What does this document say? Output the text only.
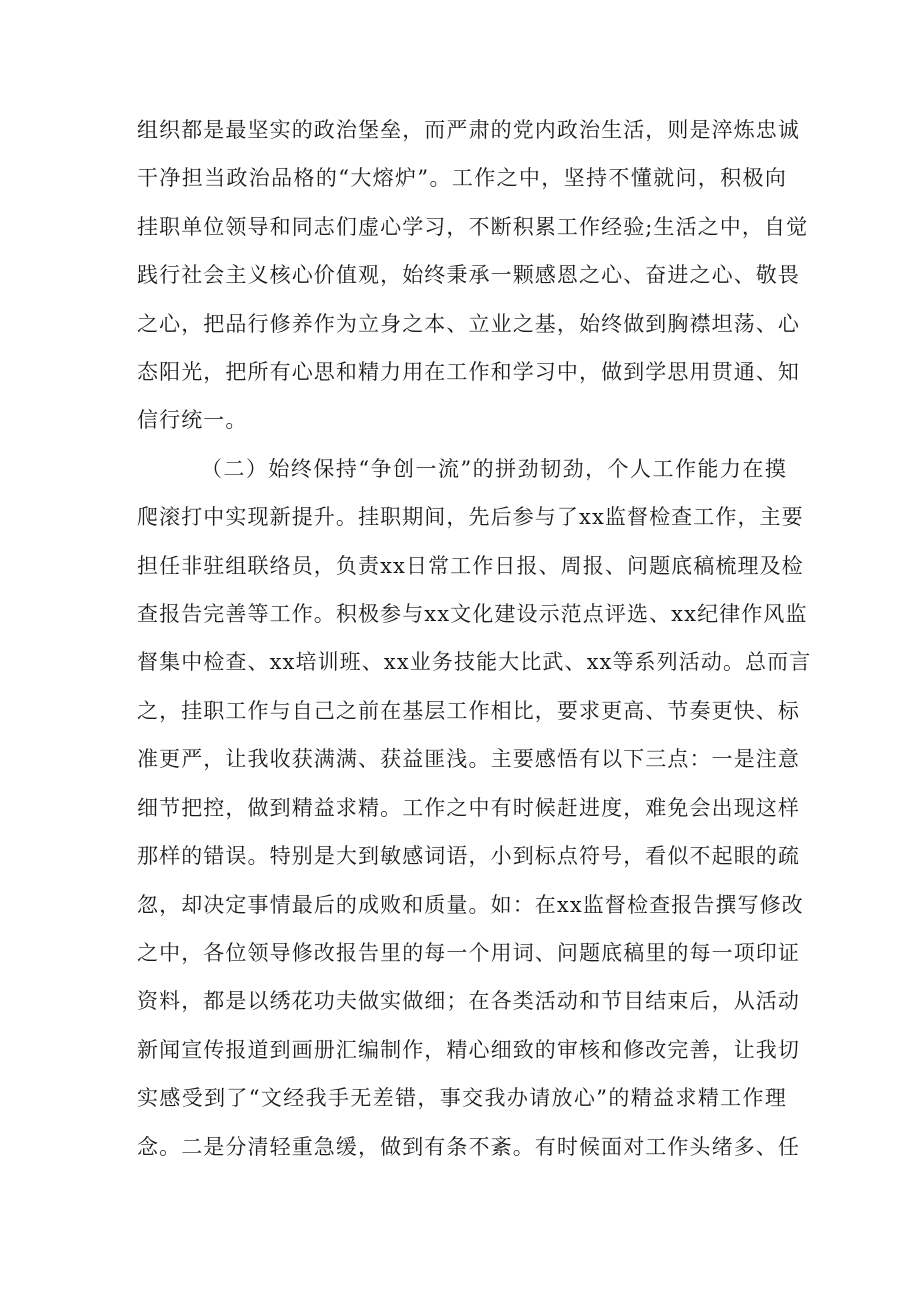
组织都是最坚实的政治堡垒，而严肃的党内政治生活，则是淬炼忠诚
干净担当政治品格的“大熔炉”。工作之中，坚持不懂就问，积极向
挂职单位领导和同志们虚心学习，不断积累工作经验;生活之中，自觉
践行社会主义核心价值观，始终秉承一颗感恩之心、奋进之心、敬畏
之心，把品行修养作为立身之本、立业之基，始终做到胸襟坦荡、心
态阳光，把所有心思和精力用在工作和学习中，做到学思用贯通、知
信行统一。

（二）始终保持“争创一流”的拼劲韧劲，个人工作能力在摸
爬滚打中实现新提升。挂职期间，先后参与了xx监督检查工作，主要
担任非驻组联络员，负责xx日常工作日报、周报、问题底稿梳理及检
查报告完善等工作。积极参与xx文化建设示范点评选、xx纪律作风监
督集中检查、xx培训班、xx业务技能大比武、xx等系列活动。总而言
之，挂职工作与自己之前在基层工作相比，要求更高、节奏更快、标
准更严，让我收获满满、获益匪浅。主要感悟有以下三点：一是注意
细节把控，做到精益求精。工作之中有时候赶进度，难免会出现这样
那样的错误。特别是大到敏感词语，小到标点符号，看似不起眼的疏
忽，却决定事情最后的成败和质量。如：在xx监督检查报告撰写修改
之中，各位领导修改报告里的每一个用词、问题底稿里的每一项印证
资料，都是以绣花功夫做实做细；在各类活动和节目结束后，从活动
新闻宣传报道到画册汇编制作，精心细致的审核和修改完善，让我切
实感受到了“文经我手无差错，事交我办请放心”的精益求精工作理
念。二是分清轻重急缓，做到有条不紊。有时候面对工作头绪多、任
